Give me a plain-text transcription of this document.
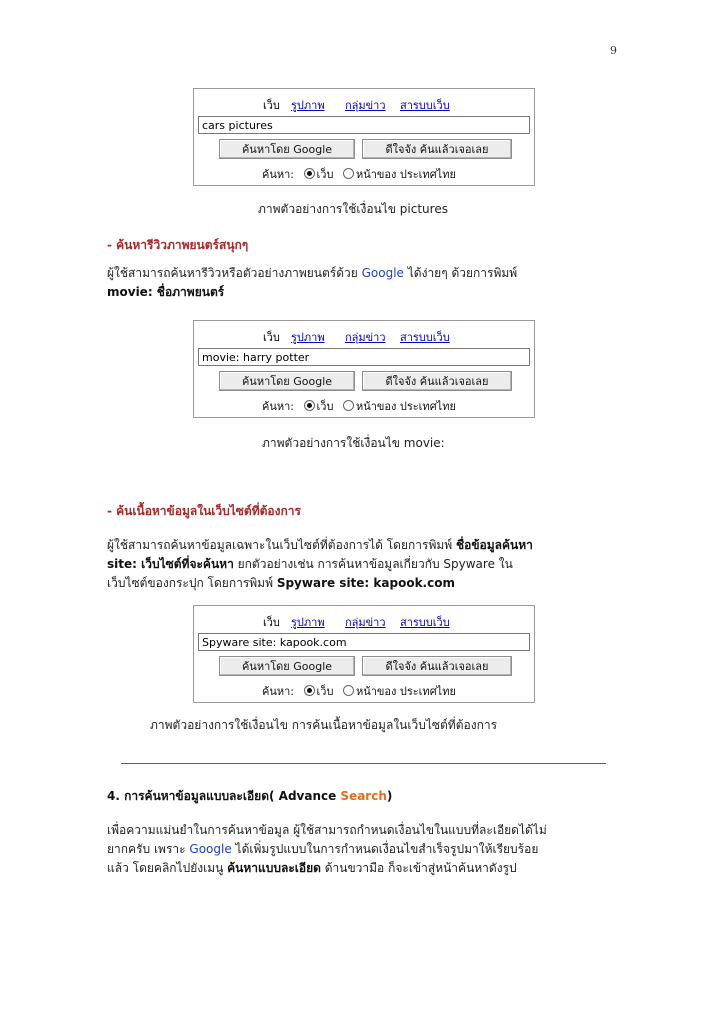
9
เว็บ รูปภาพ กลุ่มข่าว สารบบเว็บ
cars pictures
ค้นหาโดย Google	ดีใจจัง ค้นแล้วเจอเลย
ค้นหา: เว็บ หน้าของ ประเทศไทย
ภาพตัวอย่างการใช้เงื่อนไข pictures
- ค้นหารีวิวภาพยนตร์สนุกๆ
ผู้ใช้สามารถค้นหารีวิวหรือตัวอย่างภาพยนตร์ด้วย Google ได้ง่ายๆ ด้วยการพิมพ์
movie: ชื่อภาพยนตร์
เว็บ รูปภาพ กลุ่มข่าว สารบบเว็บ
movie: harry potter
ค้นหาโดย Google	ดีใจจัง ค้นแล้วเจอเลย
ค้นหา: เว็บ หน้าของ ประเทศไทย
ภาพตัวอย่างการใช้เงื่อนไข movie:
- ค้นเนื้อหาข้อมูลในเว็บไซต์ที่ต้องการ
ผู้ใช้สามารถค้นหาข้อมูลเฉพาะในเว็บไซต์ที่ต้องการได้ โดยการพิมพ์ ชื่อข้อมูลค้นหา
site: เว็บไซต์ที่จะค้นหา ยกตัวอย่างเช่น การค้นหาข้อมูลเกี่ยวกับ Spyware ใน
เว็บไซต์ของกระปุก โดยการพิมพ์ Spyware site: kapook.com
เว็บ รูปภาพ กลุ่มข่าว สารบบเว็บ
Spyware site: kapook.com
ค้นหาโดย Google	ดีใจจัง ค้นแล้วเจอเลย
ค้นหา: เว็บ หน้าของ ประเทศไทย
ภาพตัวอย่างการใช้เงื่อนไข การค้นเนื้อหาข้อมูลในเว็บไซต์ที่ต้องการ
4. การค้นหาข้อมูลแบบละเอียด( Advance Search)
เพื่อความแม่นยำในการค้นหาข้อมูล ผู้ใช้สามารถกำหนดเงื่อนไขในแบบที่ละเอียดได้ไม่
ยากครับ เพราะ Google ได้เพิ่มรูปแบบในการกำหนดเงื่อนไขสำเร็จรูปมาให้เรียบร้อย
แล้ว โดยคลิกไปยังเมนู ค้นหาแบบละเอียด ด้านขวามือ ก็จะเข้าสู่หน้าค้นหาดังรูป
